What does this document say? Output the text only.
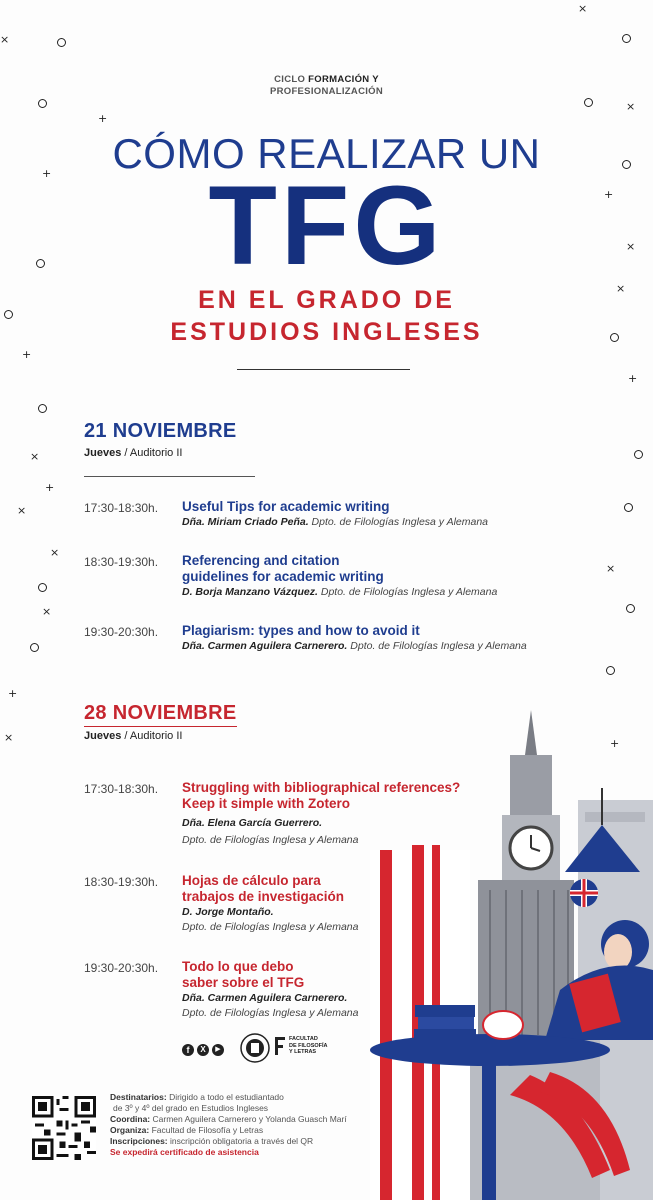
×
×
×
+
+
+
×
×
+
+
×
+
×
×
×
×
+
×	+
CICLO FORMACIÓN Y
PROFESIONALIZACIÓN
CÓMO REALIZAR UN
TFG
EN EL GRADO DE
ESTUDIOS INGLESES
21 NOVIEMBRE
Jueves / Auditorio II
17:30-18:30h. Useful Tips for academic writing
Dña. Miriam Criado Peña. Dpto. de Filologías Inglesa y Alemana
18:30-19:30h. Referencing and citation
guidelines for academic writing
D. Borja Manzano Vázquez. Dpto. de Filologías Inglesa y Alemana
19:30-20:30h. Plagiarism: types and how to avoid it
Dña. Carmen Aguilera Carnerero. Dpto. de Filologías Inglesa y Alemana
28 NOVIEMBRE
Jueves / Auditorio II
17:30-18:30h. Struggling with bibliographical references?
Keep it simple with Zotero
Dña. Elena García Guerrero.
Dpto. de Filologías Inglesa y Alemana
18:30-19:30h. Hojas de cálculo para
trabajos de investigación
D. Jorge Montaño.
Dpto. de Filologías Inglesa y Alemana
19:30-20:30h. Todo lo que debo
saber sobre el TFG
Dña. Carmen Aguilera Carnerero.
Dpto. de Filologías Inglesa y Alemana
f	X	▶
FACULTAD
DE FILOSOFÍA
Y LETRAS
Destinatarios: Dirigido a todo el estudiantado
de 3º y 4º del grado en Estudios Ingleses
Coordina: Carmen Aguilera Carnerero y Yolanda Guasch Marí
Organiza: Facultad de Filosofía y Letras
Inscripciones: inscripción obligatoria a través del QR
Se expedirá certificado de asistencia
